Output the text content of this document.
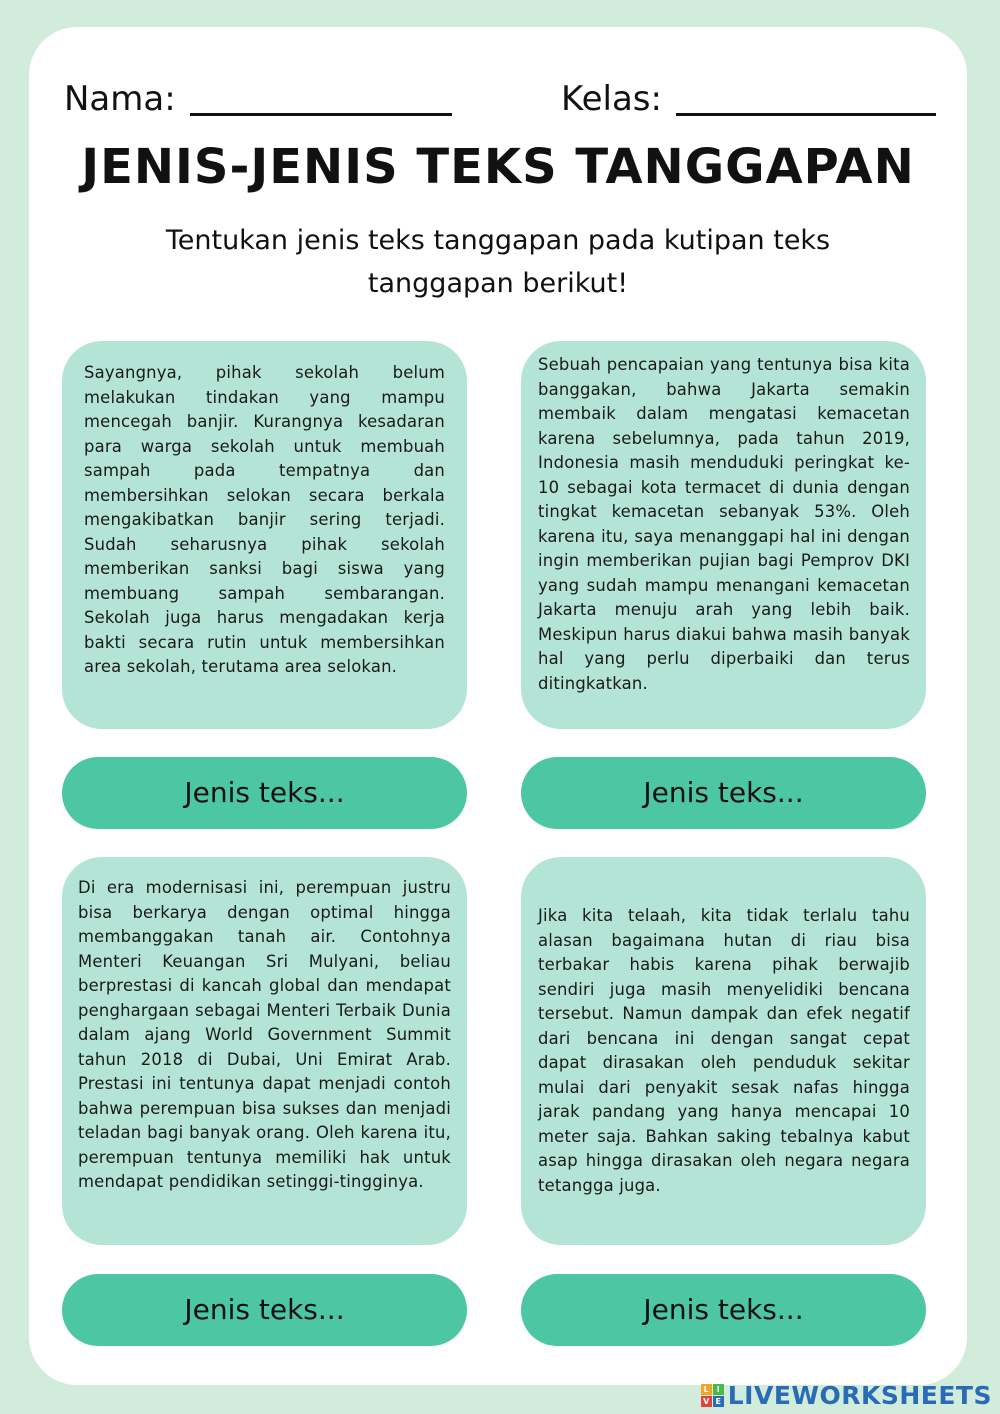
Nama:	Kelas:
JENIS-JENIS TEKS TANGGAPAN
Tentukan jenis teks tanggapan pada kutipan teks tanggapan berikut!
Sayangnya, pihak sekolah belum melakukan tindakan yang mampu mencegah banjir. Kurangnya kesadaran para warga sekolah untuk membuah sampah pada tempatnya dan membersihkan selokan secara berkala mengakibatkan banjir sering terjadi. Sudah seharusnya pihak sekolah memberikan sanksi bagi siswa yang membuang sampah sembarangan. Sekolah juga harus mengadakan kerja bakti secara rutin untuk membersihkan area sekolah, terutama area selokan.
Sebuah pencapaian yang tentunya bisa kita banggakan, bahwa Jakarta semakin membaik dalam mengatasi kemacetan karena sebelumnya, pada tahun 2019, Indonesia masih menduduki peringkat ke-10 sebagai kota termacet di dunia dengan tingkat kemacetan sebanyak 53%. Oleh karena itu, saya menanggapi hal ini dengan ingin memberikan pujian bagi Pemprov DKI yang sudah mampu menangani kemacetan Jakarta menuju arah yang lebih baik. Meskipun harus diakui bahwa masih banyak hal yang perlu diperbaiki dan terus ditingkatkan.
Jenis teks...	Jenis teks...
Di era modernisasi ini, perempuan justru bisa berkarya dengan optimal hingga membanggakan tanah air. Contohnya Menteri Keuangan Sri Mulyani, beliau berprestasi di kancah global dan mendapat penghargaan sebagai Menteri Terbaik Dunia dalam ajang World Government Summit tahun 2018 di Dubai, Uni Emirat Arab. Prestasi ini tentunya dapat menjadi contoh bahwa perempuan bisa sukses dan menjadi teladan bagi banyak orang. Oleh karena itu, perempuan tentunya memiliki hak untuk mendapat pendidikan setinggi-tingginya.
Jika kita telaah, kita tidak terlalu tahu alasan bagaimana hutan di riau bisa terbakar habis karena pihak berwajib sendiri juga masih menyelidiki bencana tersebut. Namun dampak dan efek negatif dari bencana ini dengan sangat cepat dapat dirasakan oleh penduduk sekitar mulai dari penyakit sesak nafas hingga jarak pandang yang hanya mencapai 10 meter saja. Bahkan saking tebalnya kabut asap hingga dirasakan oleh negara negara tetangga juga.
Jenis teks...	Jenis teks...
L I
V E LIVEWORKSHEETS
